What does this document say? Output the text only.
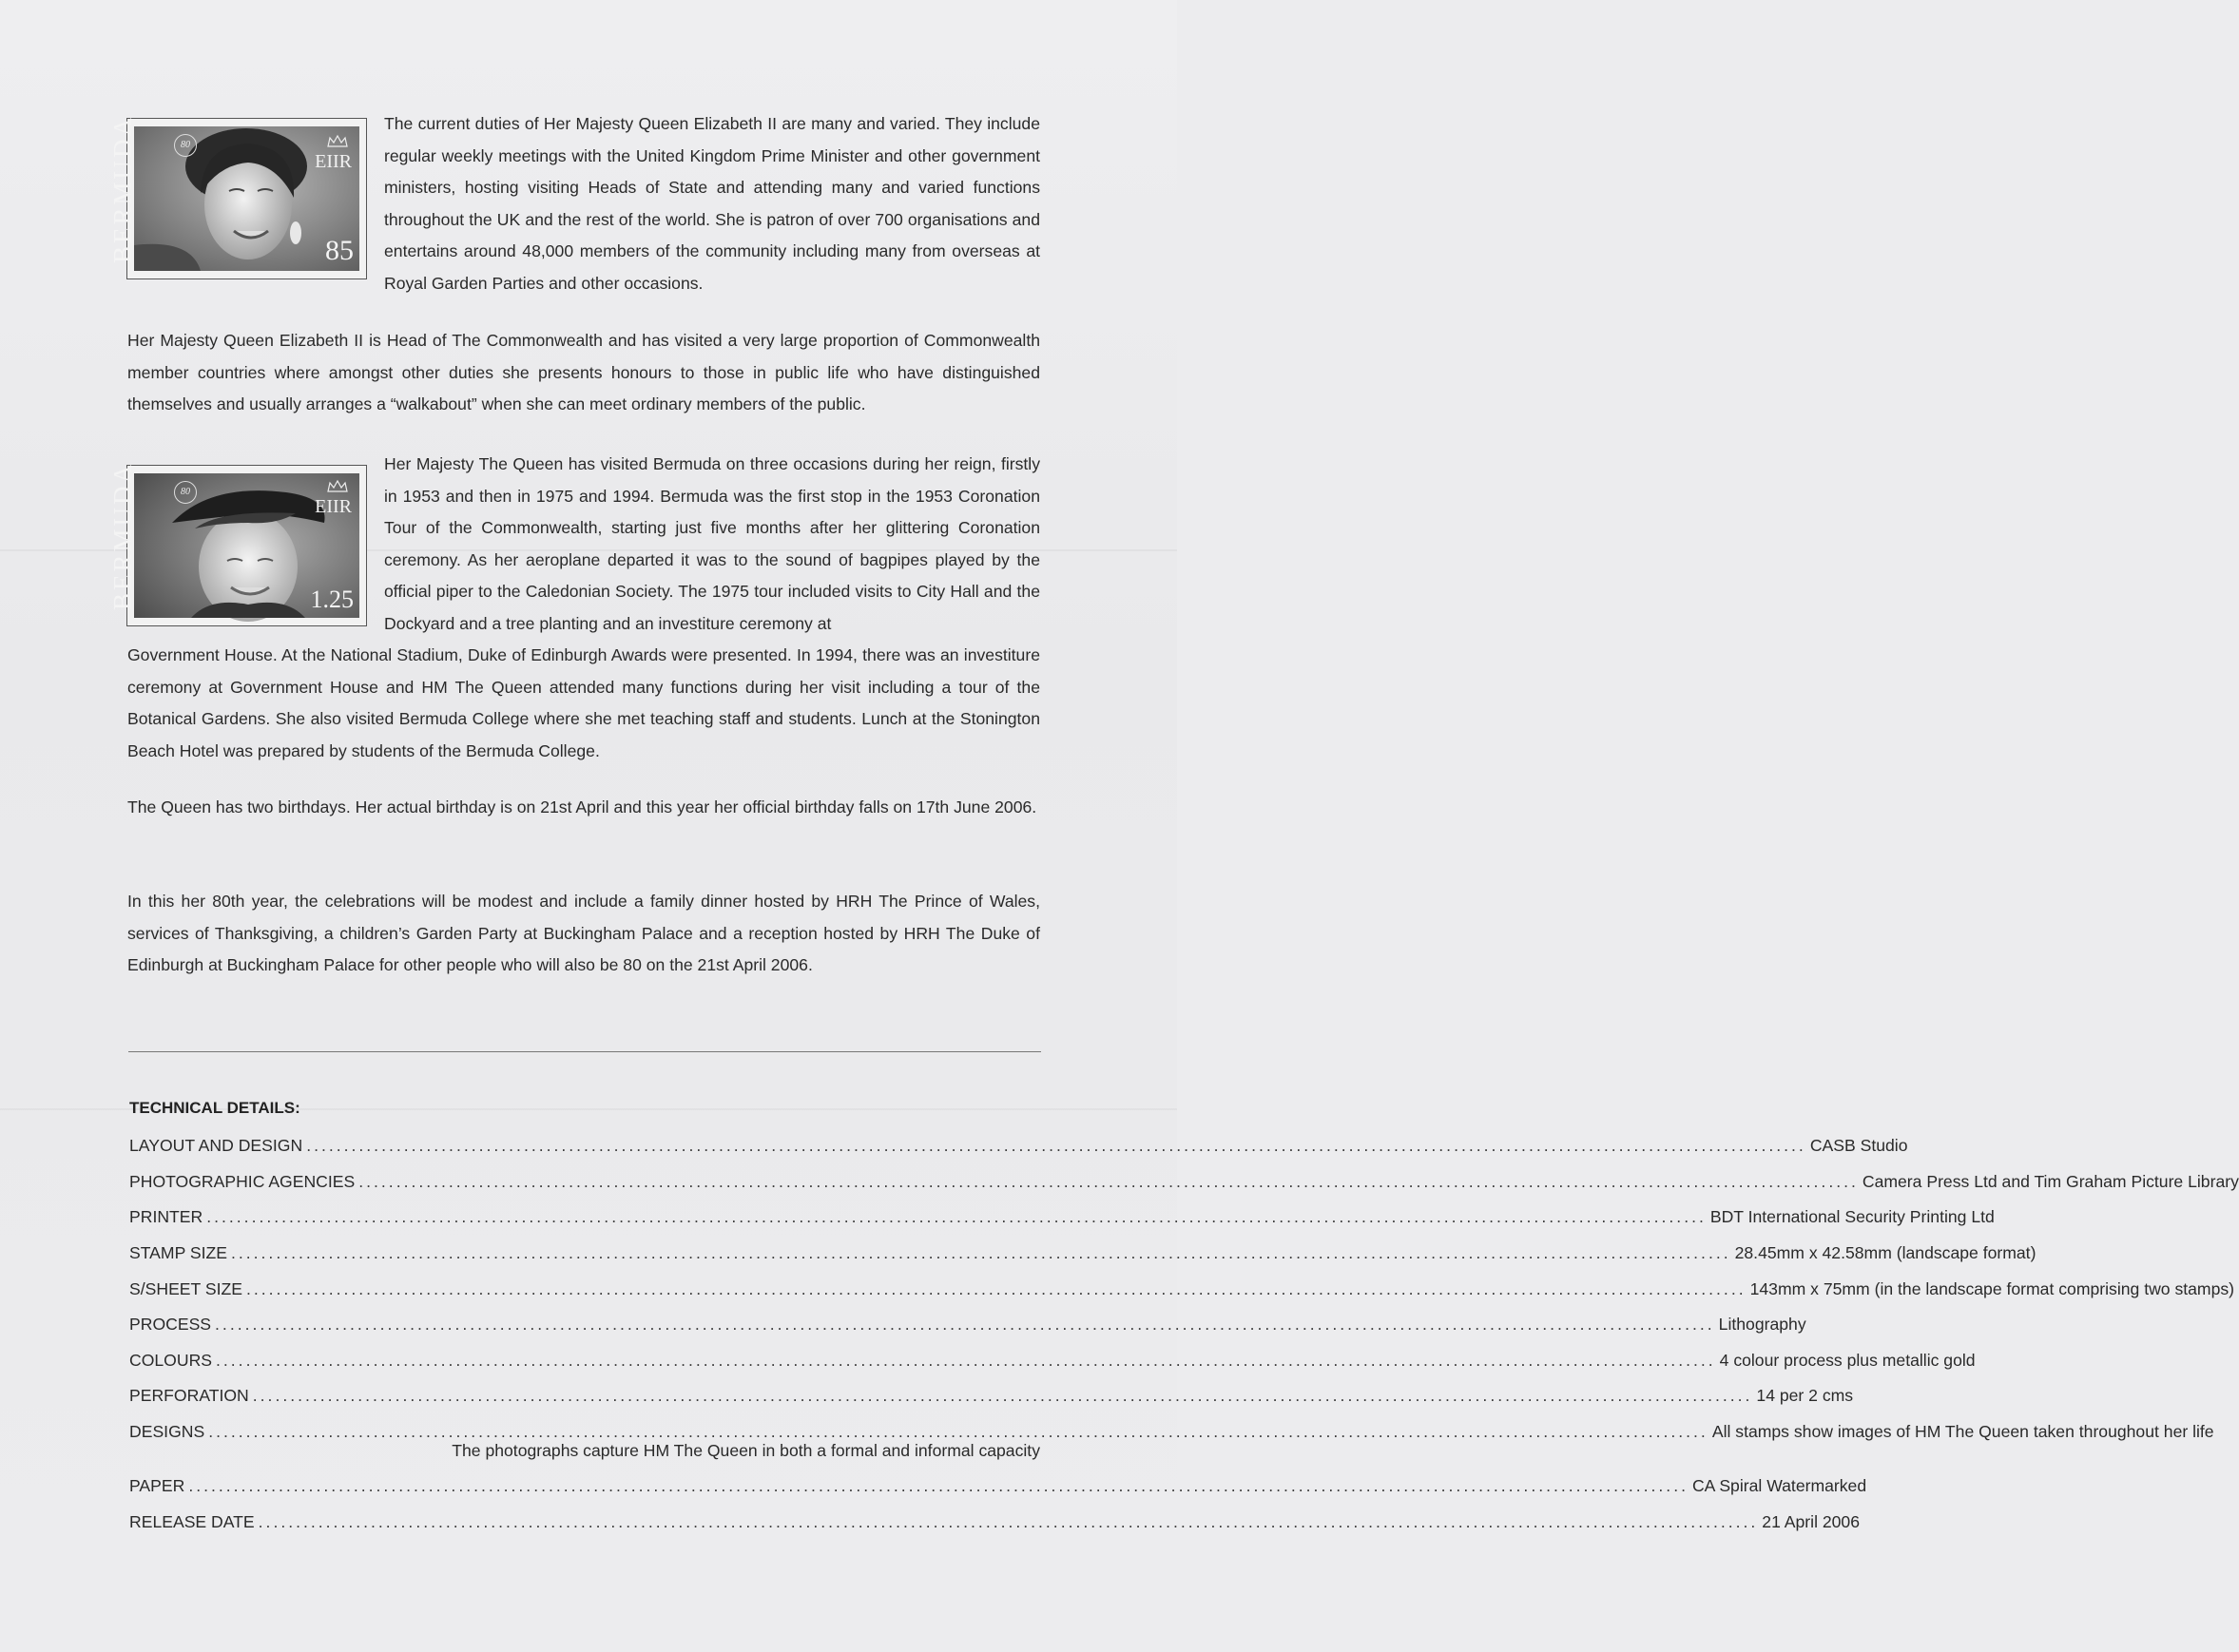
BERMUDA	80
EIIR
85
The current duties of Her Majesty Queen Elizabeth II are many and varied. They include regular weekly meetings with the United Kingdom Prime Minister and other government ministers, hosting visiting Heads of State and attending many and varied functions throughout the UK and the rest of the world. She is patron of over 700 organisations and entertains around 48,000 members of the community including many from overseas at Royal Garden Parties and other occasions.
Her Majesty Queen Elizabeth II is Head of The Commonwealth and has visited a very large proportion of Commonwealth member countries where amongst other duties she presents honours to those in public life who have distinguished themselves and usually arranges a “walkabout” when she can meet ordinary members of the public.
BERMUDA	80
EIIR
1.25
Her Majesty The Queen has visited Bermuda on three occasions during her reign, firstly in 1953 and then in 1975 and 1994. Bermuda was the first stop in the 1953 Coronation Tour of the Commonwealth, starting just five months after her glittering Coronation ceremony. As her aeroplane departed it was to the sound of bagpipes played by the official piper to the Caledonian Society. The 1975 tour included visits to City Hall and the Dockyard and a tree planting and an investiture ceremony at
Government House. At the National Stadium, Duke of Edinburgh Awards were presented. In 1994, there was an investiture ceremony at Government House and HM The Queen attended many functions during her visit including a tour of the Botanical Gardens. She also visited Bermuda College where she met teaching staff and students. Lunch at the Stonington Beach Hotel was prepared by students of the Bermuda College.
The Queen has two birthdays. Her actual birthday is on 21st April and this year her official birthday falls on 17th June 2006.
In this her 80th year, the celebrations will be modest and include a family dinner hosted by HRH The Prince of Wales, services of Thanksgiving, a children’s Garden Party at Buckingham Palace and a reception hosted by HRH The Duke of Edinburgh at Buckingham Palace for other people who will also be 80 on the 21st April 2006.
TECHNICAL DETAILS:
LAYOUT AND DESIGN ........................................................................................................................................................................................................ CASB Studio
PHOTOGRAPHIC AGENCIES ........................................................................................................................................................................................................ Camera Press Ltd and Tim Graham Picture Library
PRINTER ........................................................................................................................................................................................................ BDT International Security Printing Ltd
STAMP SIZE ........................................................................................................................................................................................................ 28.45mm x 42.58mm (landscape format)
S/SHEET SIZE ........................................................................................................................................................................................................ 143mm x 75mm (in the landscape format comprising two stamps)
PROCESS ........................................................................................................................................................................................................ Lithography
COLOURS ........................................................................................................................................................................................................ 4 colour process plus metallic gold
PERFORATION ........................................................................................................................................................................................................ 14 per 2 cms
DESIGNS ........................................................................................................................................................................................................ All stamps show images of HM The Queen taken throughout her life
PAPER ........................................................................................................................................................................................................ CA Spiral Watermarked
RELEASE DATE ........................................................................................................................................................................................................ 21 April 2006
The photographs capture HM The Queen in both a formal and informal capacity
